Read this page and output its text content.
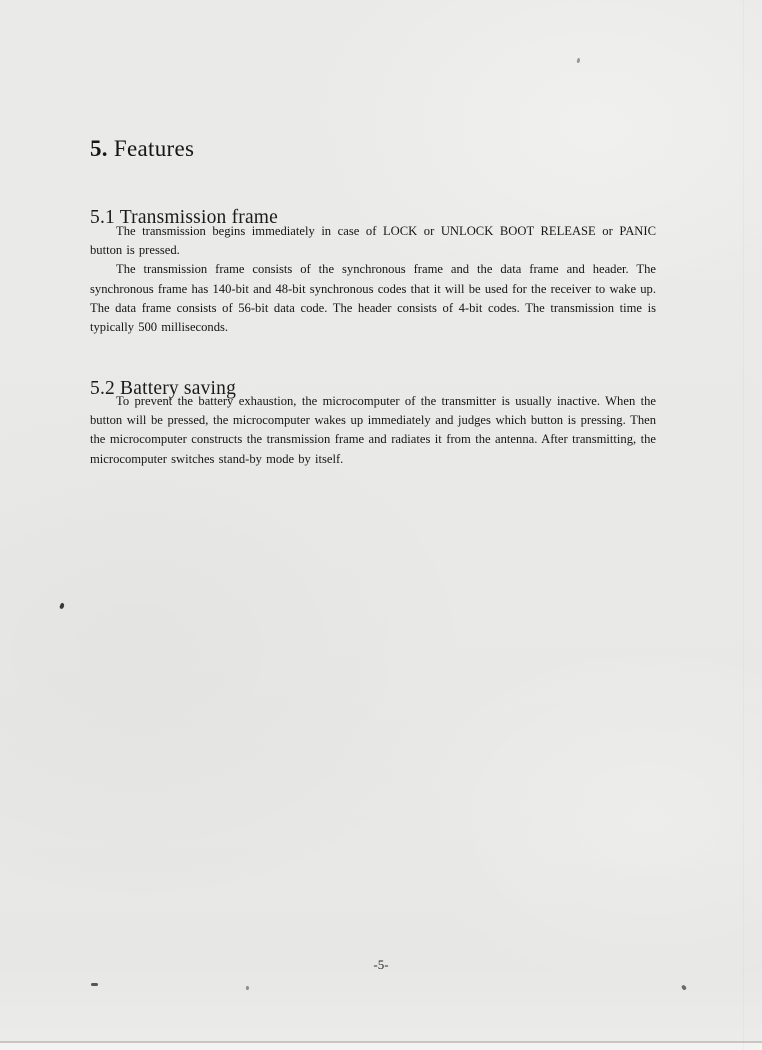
5. Features
5.1 Transmission frame

The transmission begins immediately in case of LOCK or UNLOCK BOOT RELEASE or PANIC button is pressed.

The transmission frame consists of the synchronous frame and the data frame and header. The synchronous frame has 140-bit and 48-bit synchronous codes that it will be used for the receiver to wake up. The data frame consists of 56-bit data code. The header consists of 4-bit codes. The transmission time is typically 500 milliseconds.

5.2 Battery saving

To prevent the battery exhaustion, the microcomputer of the transmitter is usually inactive. When the button will be pressed, the microcomputer wakes up immediately and judges which button is pressing. Then the microcomputer constructs the transmission frame and radiates it from the antenna. After transmitting, the microcomputer switches stand-by mode by itself.

-5-
